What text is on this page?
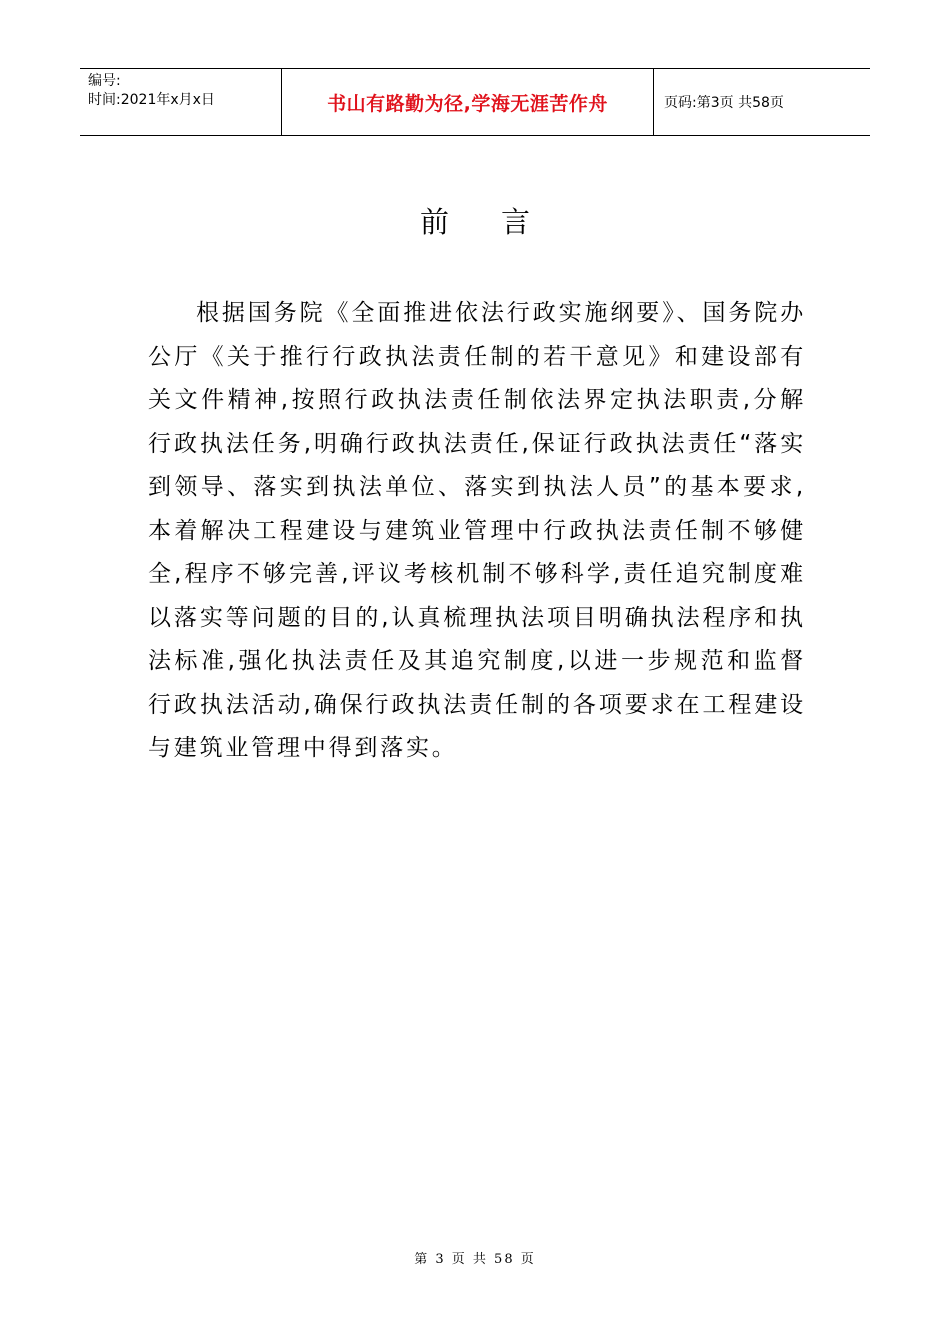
编号:
时间:2021年x月x日	书山有路勤为径,学海无涯苦作舟	页码:第3页 共58页
前言

根据国务院《全面推进依法行政实施纲要》、国务院办公厅《关于推行行政执法责任制的若干意见》和建设部有关文件精神,按照行政执法责任制依法界定执法职责,分解行政执法任务,明确行政执法责任,保证行政执法责任“落实到领导、落实到执法单位、落实到执法人员”的基本要求,本着解决工程建设与建筑业管理中行政执法责任制不够健全,程序不够完善,评议考核机制不够科学,责任追究制度难以落实等问题的目的,认真梳理执法项目明确执法程序和执法标准,强化执法责任及其追究制度,以进一步规范和监督行政执法活动,确保行政执法责任制的各项要求在工程建设与建筑业管理中得到落实。

第 3 页 共 58 页
